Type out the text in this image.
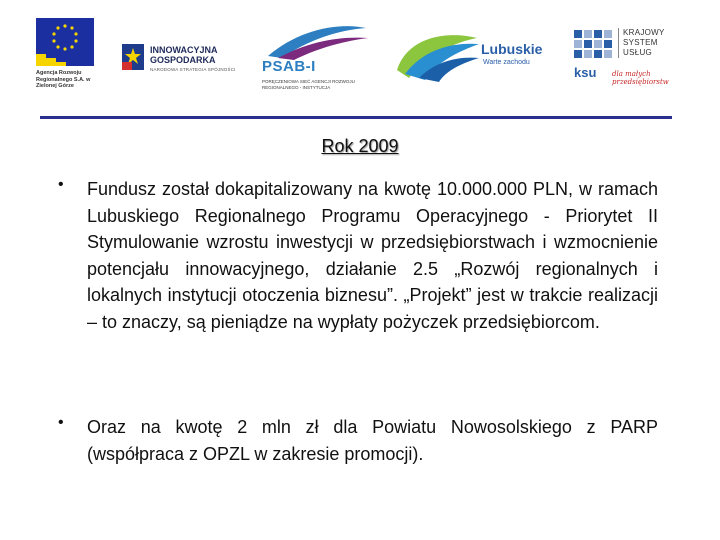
Agencja Rozwoju Regionalnego S.A. w Zielonej Górze
INNOWACYJNA
GOSPODARKA
NARODOWA STRATEGIA SPÓJNOŚCI PSAB-I
PORĘCZENIOWA SIEĆ AGENCJI ROZWOJU REGIONALNEGO - INSTYTUCJA
Lubuskie
Warte zachodu
ksu
KRAJOWY
SYSTEM
USŁUG
dla małych przedsiębiorstw
Rok 2009
• Fundusz został dokapitalizowany na kwotę 10.000.000 PLN, w ramach Lubuskiego Regionalnego Programu Operacyjnego - Priorytet II Stymulowanie wzrostu inwestycji w przedsiębiorstwach i wzmocnienie potencjału innowacyjnego, działanie 2.5 „Rozwój regionalnych i lokalnych instytucji otoczenia biznesu”. „Projekt” jest w trakcie realizacji – to znaczy, są pieniądze na wypłaty pożyczek przedsiębiorcom.
• Oraz na kwotę 2 mln zł dla Powiatu Nowosolskiego z PARP (współpraca z OPZL w zakresie promocji).
